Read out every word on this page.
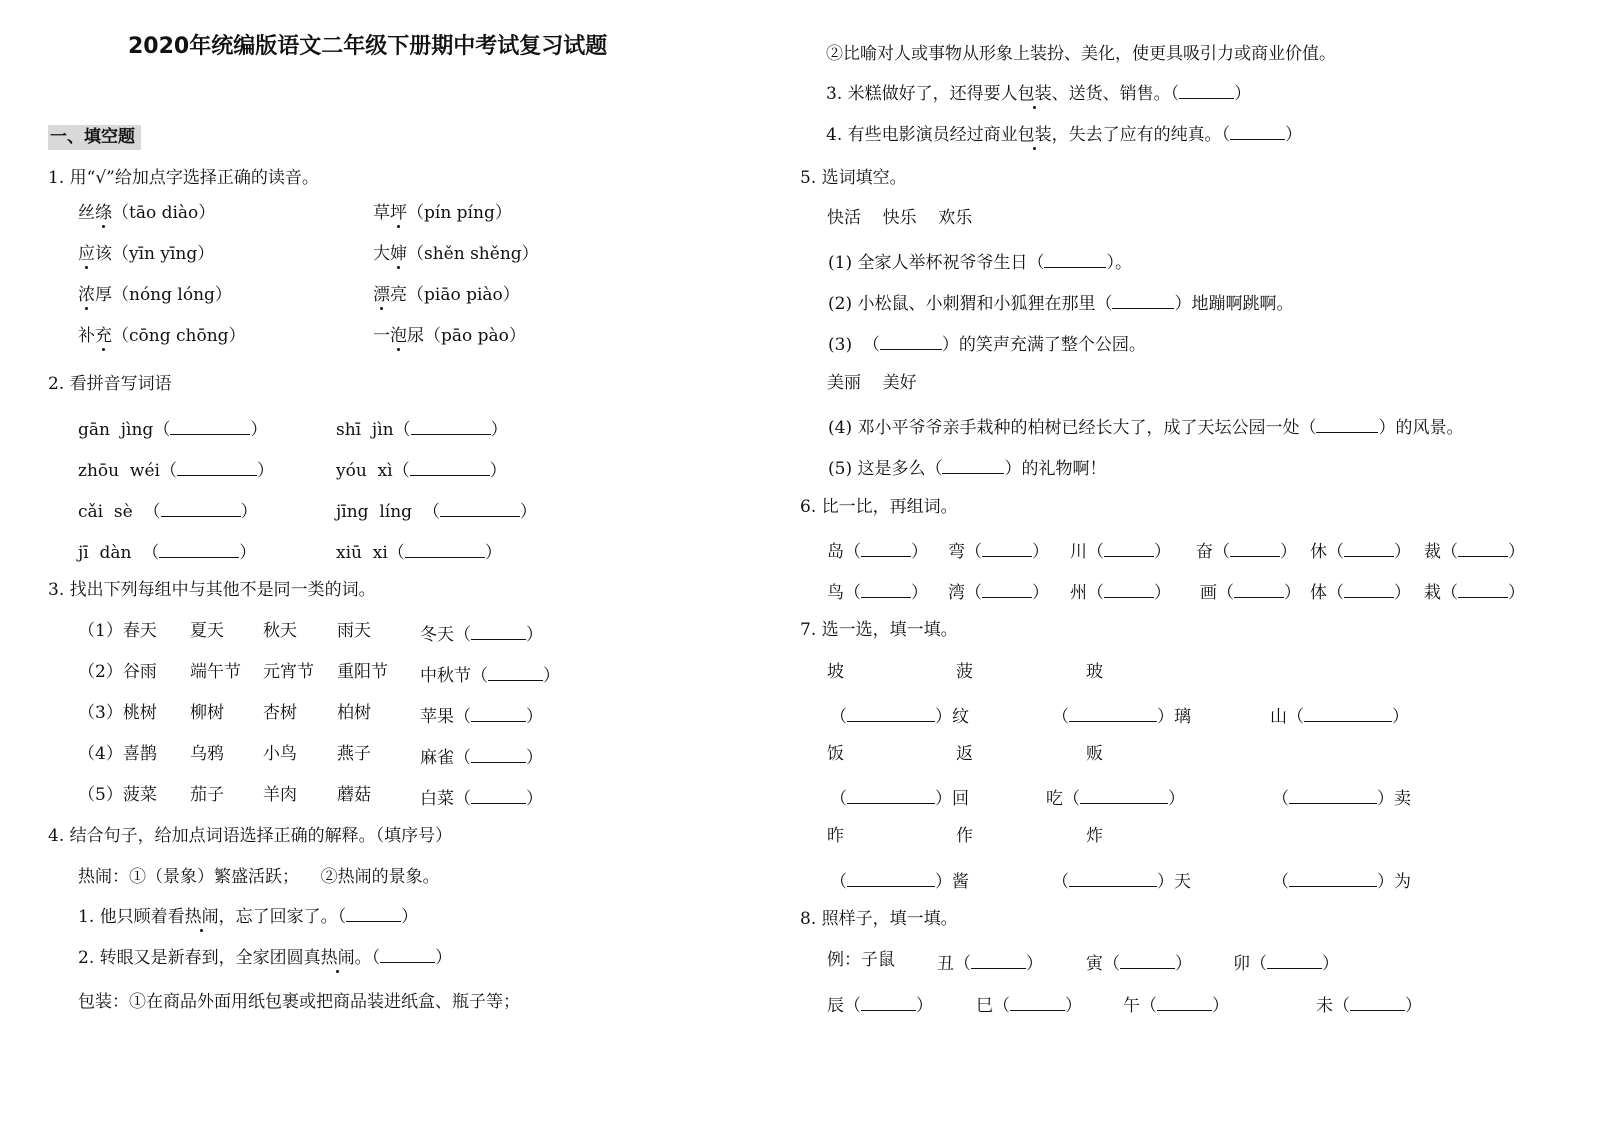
2020年统编版语文二年级下册期中考试复习试题
一、填空题
1. 用“√”给加点字选择正确的读音。
丝绦（tāo diào）	草坪（pín píng）
应该（yīn yīng）	大婶（shěn shěng）
浓厚（nóng lóng）	漂亮（piāo piào）
补充（cōng chōng）	一泡尿（pāo pào）
2. 看拼音写词语
gān  jìng（	）	shī  jìn（	）
zhōu  wéi（	）	yóu  xì（	）
cǎi  sè  （	）	jīng  líng  （	）
jī  dàn  （	）	xiū  xi（	）
3. 找出下列每组中与其他不是同一类的词。
（1）春天 夏天 秋天 雨天	冬天（	）
（2）谷雨 端午节 元宵节 重阳节 中秋节（	）
（3）桃树 柳树 杏树 柏树	苹果（	）
（4）喜鹊 乌鸦 小鸟 燕子	麻雀（	）
（5）菠菜 茄子 羊肉 蘑菇	白菜（	）
4. 结合句子，给加点词语选择正确的解释。（填序号）
热闹：①（景象）繁盛活跃；    ②热闹的景象。
1. 他只顾着看热闹，忘了回家了。（	）
2. 转眼又是新春到，全家团圆真热闹。（	）
包装：①在商品外面用纸包裹或把商品装进纸盒、瓶子等；
②比喻对人或事物从形象上装扮、美化，使更具吸引力或商业价值。
3. 米糕做好了，还得要人包装、送货、销售。（	）
4. 有些电影演员经过商业包装，失去了应有的纯真。（	）
5. 选词填空。
快活    快乐    欢乐
(1) 全家人举杯祝爷爷生日（	）。
(2) 小松鼠、小刺猬和小狐狸在那里（	）地蹦啊跳啊。
(3)  （	）的笑声充满了整个公园。
美丽    美好
(4) 邓小平爷爷亲手栽种的柏树已经长大了，成了天坛公园一处（	）的风景。
(5) 这是多么（	）的礼物啊！
6. 比一比，再组词。
岛（	） 弯（	） 川（	） 奋（	） 休（	） 裁（	）
鸟（	） 湾（	） 州（	） 画（	） 体（	） 栽（	）
7. 选一选，填一填。
坡	菠	玻
（	）纹	（	）璃	山（	）
饭	返	贩
（	）回	吃（	）	（	）卖
昨	作	炸
（	）酱	（	）天	（	）为
8. 照样子，填一填。
例：子鼠 丑（	）	寅（	） 卯（	）
辰（	）	巳（	） 午（	）	未（	）
